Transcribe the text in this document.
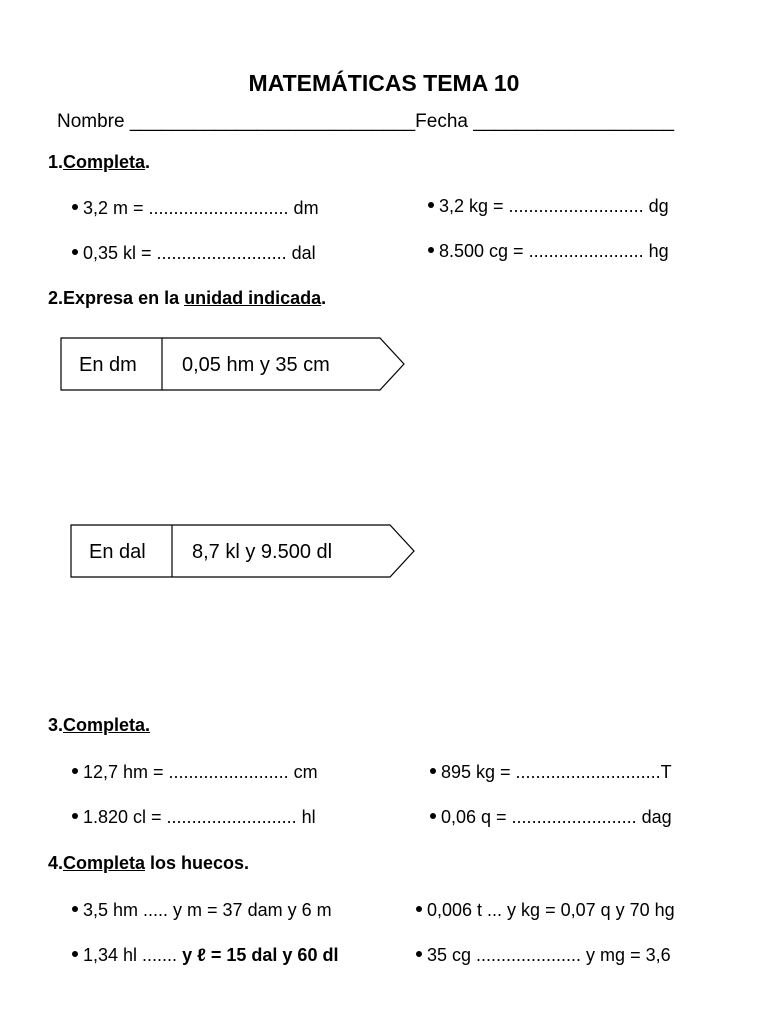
MATEMÁTICAS TEMA 10
Nombre ___________________________Fecha ___________________
1.Completa.
3,2 m = ............................ dm	3,2 kg = ........................... dg
0,35 kl = .......................... dal	8.500 cg = ....................... hg
2.Expresa en la unidad indicada.
En dm 0,05 hm y 35 cm
En dal 8,7 kl y 9.500 dl
3.Completa.
12,7 hm = ........................ cm	895 kg = .............................T
1.820 cl = .......................... hl	0,06 q = ......................... dag
4.Completa los huecos.
3,5 hm ..... y m = 37 dam y 6 m	0,006 t ... y kg = 0,07 q y 70 hg
1,34 hl ....... y ℓ = 15 dal y 60 dl	35 cg ..................... y mg = 3,6
